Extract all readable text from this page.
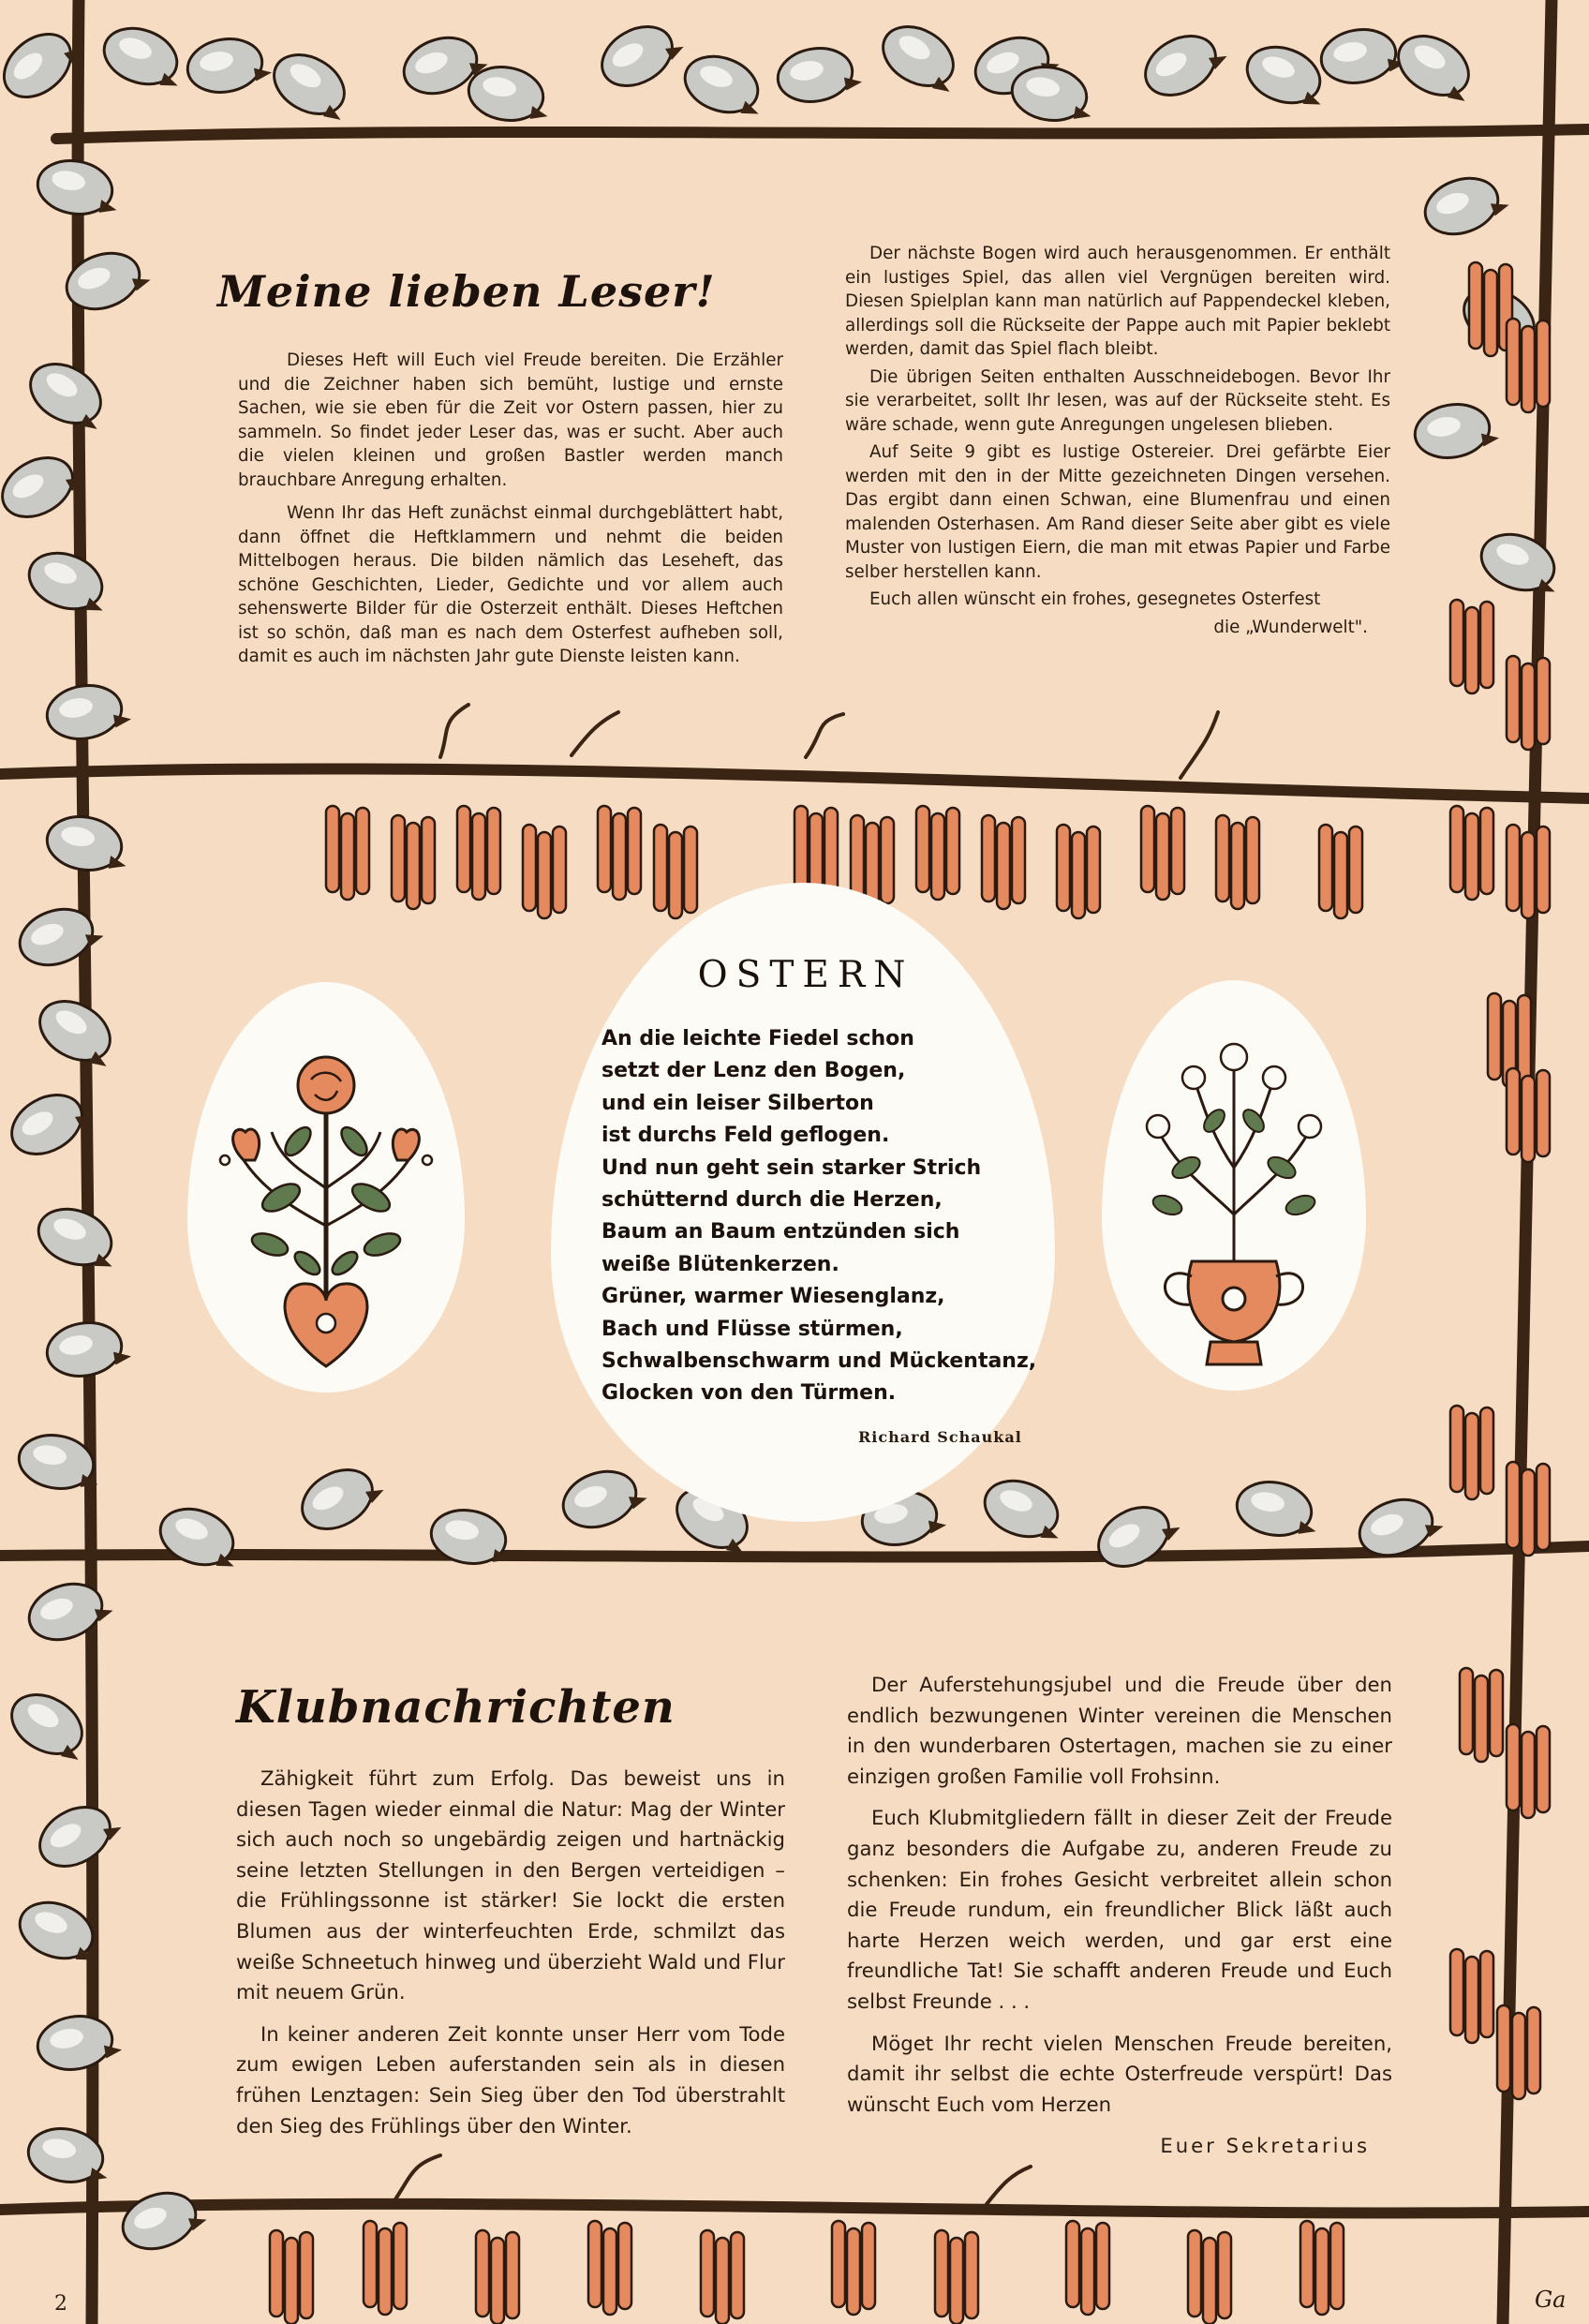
Meine lieben Leser!

Dieses Heft will Euch viel Freude bereiten. Die Erzähler und die Zeichner haben sich bemüht, lustige und ernste Sachen, wie sie eben für die Zeit vor Ostern passen, hier zu sammeln. So findet jeder Leser das, was er sucht. Aber auch die vielen kleinen und großen Bastler werden manch brauchbare Anregung erhalten.

Wenn Ihr das Heft zunächst einmal durchgeblättert habt, dann öffnet die Heftklammern und nehmt die beiden Mittelbogen heraus. Die bilden nämlich das Leseheft, das schöne Geschichten, Lieder, Gedichte und vor allem auch sehenswerte Bilder für die Osterzeit enthält. Dieses Heftchen ist so schön, daß man es nach dem Osterfest aufheben soll, damit es auch im nächsten Jahr gute Dienste leisten kann.

Der nächste Bogen wird auch herausgenommen. Er enthält ein lustiges Spiel, das allen viel Vergnügen bereiten wird. Diesen Spielplan kann man natürlich auf Pappendeckel kleben, allerdings soll die Rückseite der Pappe auch mit Papier beklebt werden, damit das Spiel flach bleibt.

Die übrigen Seiten enthalten Ausschneidebogen. Bevor Ihr sie verarbeitet, sollt Ihr lesen, was auf der Rückseite steht. Es wäre schade, wenn gute Anregungen ungelesen blieben.

Auf Seite 9 gibt es lustige Ostereier. Drei gefärbte Eier werden mit den in der Mitte gezeichneten Dingen versehen. Das ergibt dann einen Schwan, eine Blumenfrau und einen malenden Osterhasen. Am Rand dieser Seite aber gibt es viele Muster von lustigen Eiern, die man mit etwas Papier und Farbe selber herstellen kann.

Euch allen wünscht ein frohes, gesegnetes Osterfest

die „Wunderwelt".

OSTERN
An die leichte Fiedel schon
setzt der Lenz den Bogen,
und ein leiser Silberton
ist durchs Feld geflogen.
Und nun geht sein starker Strich
schütternd durch die Herzen,
Baum an Baum entzünden sich
weiße Blütenkerzen.
Grüner, warmer Wiesenglanz,
Bach und Flüsse stürmen,
Schwalbenschwarm und Mückentanz,
Glocken von den Türmen.
Richard Schaukal
Klubnachrichten

Zähigkeit führt zum Erfolg. Das beweist uns in diesen Tagen wieder einmal die Natur: Mag der Winter sich auch noch so ungebärdig zeigen und hartnäckig seine letzten Stellungen in den Bergen verteidigen – die Frühlingssonne ist stärker! Sie lockt die ersten Blumen aus der winterfeuchten Erde, schmilzt das weiße Schneetuch hinweg und überzieht Wald und Flur mit neuem Grün.

In keiner anderen Zeit konnte unser Herr vom Tode zum ewigen Leben auferstanden sein als in diesen frühen Lenztagen: Sein Sieg über den Tod überstrahlt den Sieg des Frühlings über den Winter.

Der Auferstehungsjubel und die Freude über den endlich bezwungenen Winter vereinen die Menschen in den wunderbaren Ostertagen, machen sie zu einer einzigen großen Familie voll Frohsinn.

Euch Klubmitgliedern fällt in dieser Zeit der Freude ganz besonders die Aufgabe zu, anderen Freude zu schenken: Ein frohes Gesicht verbreitet allein schon die Freude rundum, ein freundlicher Blick läßt auch harte Herzen weich werden, und gar erst eine freundliche Tat! Sie schafft anderen Freude und Euch selbst Freunde . . .

Möget Ihr recht vielen Menschen Freude bereiten, damit ihr selbst die echte Osterfreude verspürt! Das wünscht Euch vom Herzen

Euer Sekretarius

2	Ga
